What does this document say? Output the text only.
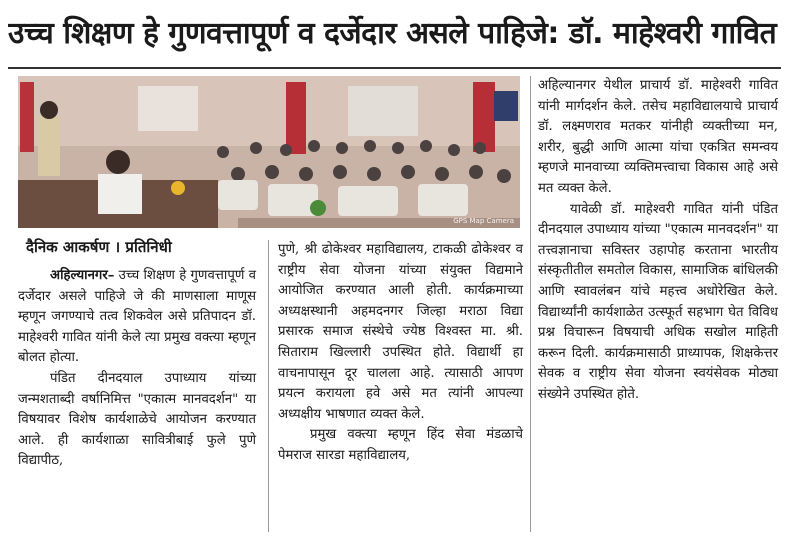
उच्च शिक्षण हे गुणवत्तापूर्ण व दर्जेदार असले पाहिजे: डॉ. माहेश्वरी गावित
GPS Map Camera
दैनिक आकर्षण । प्रतिनिधी

अहिल्यानगर– उच्च शिक्षण हे गुणवत्तापूर्ण व दर्जेदार असले पाहिजे जे की माणसाला माणूस म्हणून जगण्याचे तत्व शिकवेल असे प्रतिपादन डॉ. माहेश्वरी गावित यांनी केले त्या प्रमुख वक्त्या म्हणून बोलत होत्या.

पंडित दीनदयाल उपाध्याय यांच्या जन्मशताब्दी वर्षानिमित्त "एकात्म मानवदर्शन" या विषयावर विशेष कार्यशाळेचे आयोजन करण्यात आले. ही कार्यशाळा सावित्रीबाई फुले पुणे विद्यापीठ,

पुणे, श्री ढोकेश्वर महाविद्यालय, टाकळी ढोकेश्वर व राष्ट्रीय सेवा योजना यांच्या संयुक्त विद्यमाने आयोजित करण्यात आली होती. कार्यक्रमाच्या अध्यक्षस्थानी अहमदनगर जिल्हा मराठा विद्या प्रसारक समाज संस्थेचे ज्येष्ठ विश्वस्त मा. श्री. सिताराम खिल्लारी उपस्थित होते. विद्यार्थी हा वाचनापासून दूर चालला आहे. त्यासाठी आपण प्रयत्न करायला हवे असे मत त्यांनी आपल्या अध्यक्षीय भाषणात व्यक्त केले.

प्रमुख वक्त्या म्हणून हिंद सेवा मंडळाचे पेमराज सारडा महाविद्यालय,

अहिल्यानगर येथील प्राचार्य डॉ. माहेश्वरी गावित यांनी मार्गदर्शन केले. तसेच महाविद्यालयाचे प्राचार्य डॉ. लक्ष्मणराव मतकर यांनीही व्यक्तीच्या मन, शरीर, बुद्धी आणि आत्मा यांचा एकत्रित समन्वय म्हणजे मानवाच्या व्यक्तिमत्त्वाचा विकास आहे असे मत व्यक्त केले.

यावेळी डॉ. माहेश्वरी गावित यांनी पंडित दीनदयाल उपाध्याय यांच्या "एकात्म मानवदर्शन" या तत्त्वज्ञानाचा सविस्तर उहापोह करताना भारतीय संस्कृतीतील समतोल विकास, सामाजिक बांधिलकी आणि स्वावलंबन यांचे महत्त्व अधोरेखित केले. विद्यार्थ्यांनी कार्यशाळेत उत्स्फूर्त सहभाग घेत विविध प्रश्न विचारून विषयाची अधिक सखोल माहिती करून दिली. कार्यक्रमासाठी प्राध्यापक, शिक्षकेत्तर सेवक व राष्ट्रीय सेवा योजना स्वयंसेवक मोठ्या संख्येने उपस्थित होते.
